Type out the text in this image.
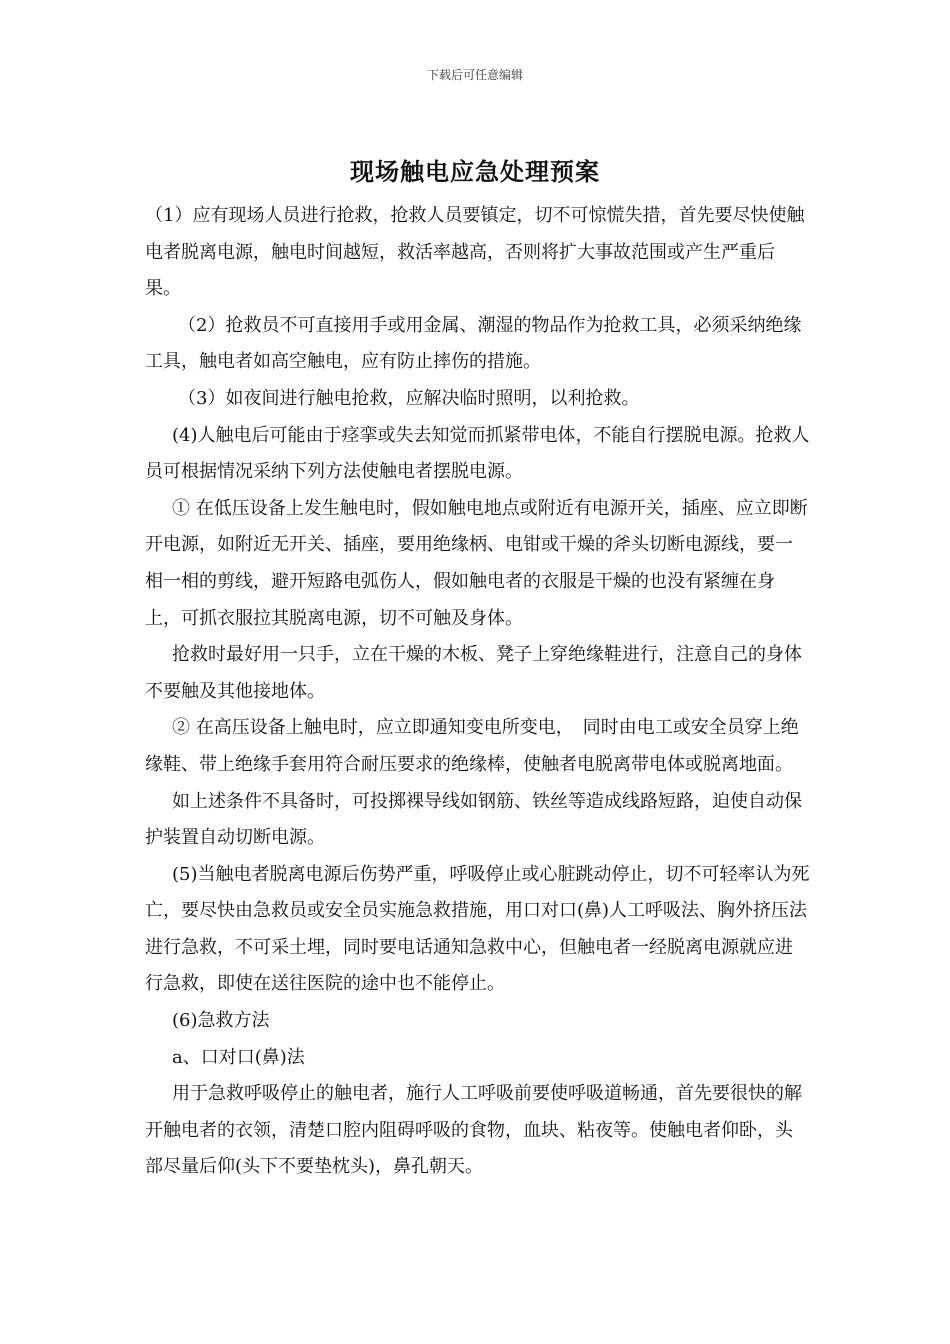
下载后可任意编辑
现场触电应急处理预案

（1）应有现场人员进行抢救，抢救人员要镇定，切不可惊慌失措，首先要尽快使触电者脱离电源，触电时间越短，救活率越高，否则将扩大事故范围或产生严重后果。

（2）抢救员不可直接用手或用金属、潮湿的物品作为抢救工具，必须采纳绝缘工具，触电者如高空触电，应有防止摔伤的措施。

（3）如夜间进行触电抢救，应解决临时照明，以利抢救。

(4)人触电后可能由于痉挛或失去知觉而抓紧带电体，不能自行摆脱电源。抢救人员可根据情况采纳下列方法使触电者摆脱电源。

① 在低压设备上发生触电时，假如触电地点或附近有电源开关，插座、应立即断开电源，如附近无开关、插座，要用绝缘柄、电钳或干燥的斧头切断电源线，要一相一相的剪线，避开短路电弧伤人，假如触电者的衣服是干燥的也没有紧缠在身上，可抓衣服拉其脱离电源，切不可触及身体。

抢救时最好用一只手，立在干燥的木板、凳子上穿绝缘鞋进行，注意自己的身体不要触及其他接地体。

② 在高压设备上触电时，应立即通知变电所变电，　同时由电工或安全员穿上绝缘鞋、带上绝缘手套用符合耐压要求的绝缘棒，使触者电脱离带电体或脱离地面。

如上述条件不具备时，可投掷裸导线如钢筋、铁丝等造成线路短路，迫使自动保护装置自动切断电源。

(5)当触电者脱离电源后伤势严重，呼吸停止或心脏跳动停止，切不可轻率认为死亡，要尽快由急救员或安全员实施急救措施，用口对口(鼻)人工呼吸法、胸外挤压法进行急救，不可采土埋，同时要电话通知急救中心，但触电者一经脱离电源就应进行急救，即使在送往医院的途中也不能停止。

(6)急救方法

a、口对口(鼻)法

用于急救呼吸停止的触电者，施行人工呼吸前要使呼吸道畅通，首先要很快的解开触电者的衣领，清楚口腔内阻碍呼吸的食物，血块、粘夜等。使触电者仰卧，头部尽量后仰(头下不要垫枕头)，鼻孔朝天。
